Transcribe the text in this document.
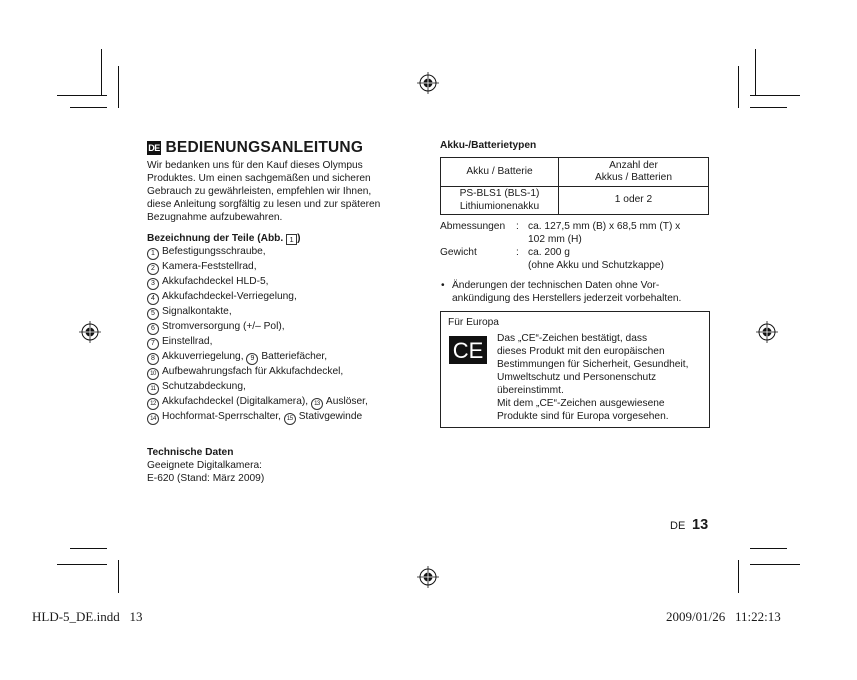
DE BEDIENUNGSANLEITUNG
Wir bedanken uns für den Kauf dieses Olympus
Produktes. Um einen sachgemäßen und sicheren
Gebrauch zu gewährleisten, empfehlen wir Ihnen,
diese Anleitung sorgfältig zu lesen und zur späteren
Bezugnahme aufzubewahren.
Bezeichnung der Teile (Abb. 1 )
1 Befestigungsschraube,
2 Kamera-Feststellrad,
3 Akkufachdeckel HLD-5,
4 Akkufachdeckel-Verriegelung,
5 Signalkontakte,
6 Stromversorgung (+/– Pol),
7 Einstellrad,
8 Akkuverriegelung, 9 Batteriefächer,
10 Aufbewahrungsfach für Akkufachdeckel,
11 Schutzabdeckung,
12 Akkufachdeckel (Digitalkamera), 13 Auslöser,
14 Hochformat-Sperrschalter, 15 Stativgewinde
Technische Daten
Geeignete Digitalkamera:
E-620 (Stand: März 2009)
Akku-/Batterietypen
Akku / Batterie	Anzahl der
Akkus / Batterien

PS-BLS1 (BLS-1)
Lithiumionenakku	1 oder 2
Abmessungen : ca. 127,5 mm (B) x 68,5 mm (T) x
102 mm (H)
Gewicht	: ca. 200 g
(ohne Akku und Schutzkappe)
• Änderungen der technischen Daten ohne Vor-
ankündigung des Herstellers jederzeit vorbehalten.
Für Europa
CE Das „CE“-Zeichen bestätigt, dass
dieses Produkt mit den europäischen
Bestimmungen für Sicherheit, Gesundheit,
Umweltschutz und Personenschutz
übereinstimmt.
Mit dem „CE“-Zeichen ausgewiesene
Produkte sind für Europa vorgesehen.
DE 13
HLD-5_DE.indd   13	2009/01/26   11:22:13
